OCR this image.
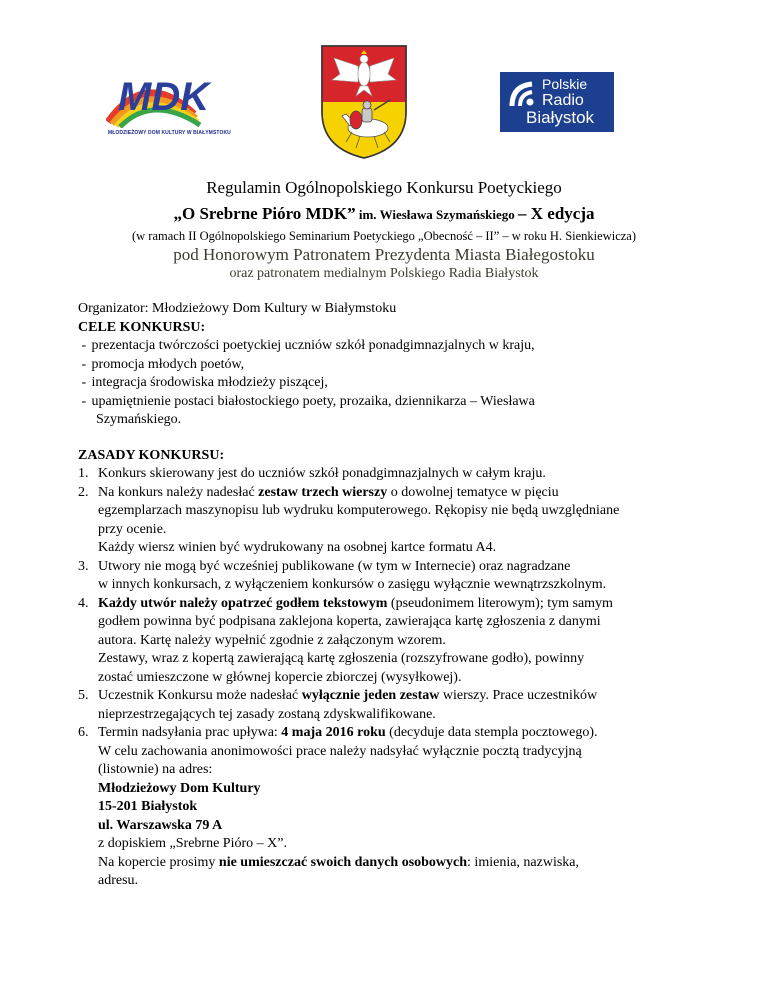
MDK
MŁODZIEŻOWY DOM KULTURY W BIAŁYMSTOKU
Polskie
Radio
Białystok
Regulamin Ogólnopolskiego Konkursu Poetyckiego
„O Srebrne Pióro MDK” im. Wiesława Szymańskiego – X edycja
(w ramach II Ogólnopolskiego Seminarium Poetyckiego „Obecność – II” – w roku H. Sienkiewicza)
pod Honorowym Patronatem Prezydenta Miasta Białegostoku
oraz patronatem medialnym Polskiego Radia Białystok
Organizator: Młodzieżowy Dom Kultury w Białymstoku
CELE KONKURSU:
- prezentacja twórczości poetyckiej uczniów szkół ponadgimnazjalnych w kraju,
- promocja młodych poetów,
- integracja środowiska młodzieży piszącej,
- upamiętnienie postaci białostockiego poety, prozaika, dziennikarza – Wiesława
Szymańskiego.
ZASADY KONKURSU:
1. Konkurs skierowany jest do uczniów szkół ponadgimnazjalnych w całym kraju.
2. Na konkurs należy nadesłać zestaw trzech wierszy o dowolnej tematyce w pięciu
egzemplarzach maszynopisu lub wydruku komputerowego. Rękopisy nie będą uwzględniane
przy ocenie.
Każdy wiersz winien być wydrukowany na osobnej kartce formatu A4.
3. Utwory nie mogą być wcześniej publikowane (w tym w Internecie) oraz nagradzane
w innych konkursach, z wyłączeniem konkursów o zasięgu wyłącznie wewnątrzszkolnym.
4. Każdy utwór należy opatrzeć godłem tekstowym (pseudonimem literowym); tym samym
godłem powinna być podpisana zaklejona koperta, zawierająca kartę zgłoszenia z danymi
autora. Kartę należy wypełnić zgodnie z załączonym wzorem.
Zestawy, wraz z kopertą zawierającą kartę zgłoszenia (rozszyfrowane godło), powinny
zostać umieszczone w głównej kopercie zbiorczej (wysyłkowej).
5. Uczestnik Konkursu może nadesłać wyłącznie jeden zestaw wierszy. Prace uczestników
nieprzestrzegających tej zasady zostaną zdyskwalifikowane.
6. Termin nadsyłania prac upływa: 4 maja 2016 roku (decyduje data stempla pocztowego).
W celu zachowania anonimowości prace należy nadsyłać wyłącznie pocztą tradycyjną
(listownie) na adres:
Młodzieżowy Dom Kultury
15-201 Białystok
ul. Warszawska 79 A
z dopiskiem „Srebrne Pióro – X”.
Na kopercie prosimy nie umieszczać swoich danych osobowych: imienia, nazwiska,
adresu.
